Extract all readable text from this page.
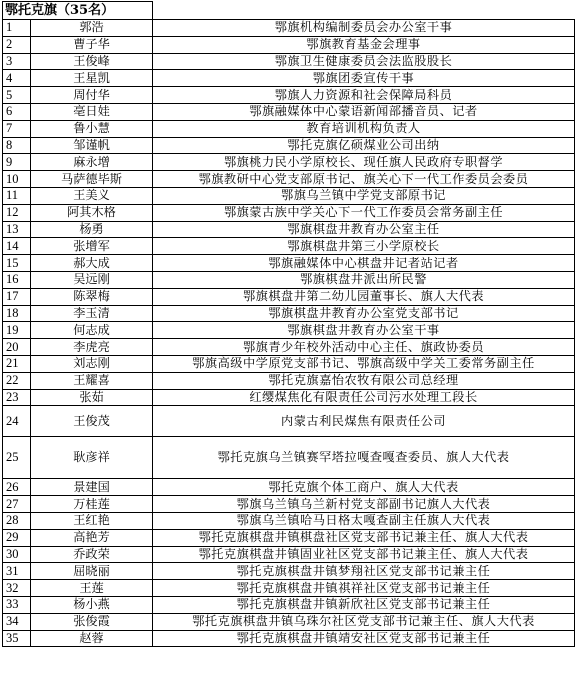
鄂托克旗（35名）		
1	郭浩	鄂旗机构编制委员会办公室干事
2	曹子华	鄂旗教育基金会理事
3	王俊峰	鄂旗卫生健康委员会法监股股长
4	王星凯	鄂旗团委宣传干事
5	周付华	鄂旗人力资源和社会保障局科员
6	亳日娃	鄂旗融媒体中心蒙语新闻部播音员、记者
7	鲁小慧	教育培训机构负责人
8	邹谨帆	鄂托克旗亿硕煤业公司出纳
9	麻永增	鄂旗桃力民小学原校长、现任旗人民政府专职督学
10	马萨德毕斯	鄂旗教研中心党支部原书记、旗关心下一代工作委员会委员
11	王美义	鄂旗乌兰镇中学党支部原书记
12	阿其木格	鄂旗蒙古族中学关心下一代工作委员会常务副主任
13	杨勇	鄂旗棋盘井教育办公室主任
14	张增军	鄂旗棋盘井第三小学原校长
15	郝大成	鄂旗融媒体中心棋盘井记者站记者
16	吴远刚	鄂旗棋盘井派出所民警
17	陈翠梅	鄂旗棋盘井第二幼儿园董事长、旗人大代表
18	李玉清	鄂旗棋盘井教育办公室党支部书记
19	何志成	鄂旗棋盘井教育办公室干事
20	李虎亮	鄂旗青少年校外活动中心主任、旗政协委员
21	刘志刚	鄂旗高级中学原党支部书记、鄂旗高级中学关工委常务副主任
22	王耀喜	鄂托克旗嘉怡农牧有限公司总经理
23	张茹	红缨煤焦化有限责任公司污水处理工段长
24	王俊茂	内蒙古利民煤焦有限责任公司
25	耿彦祥	鄂托克旗乌兰镇赛罕塔拉嘎查嘎查委员、旗人大代表
26	景建国	鄂托克旗个体工商户、旗人大代表
27	万桂莲	鄂旗乌兰镇乌兰新村党支部副书记旗人大代表
28	王红艳	鄂旗乌兰镇哈马日格太嘎查副主任旗人大代表
29	高艳芳	鄂托克旗棋盘井镇棋盘社区党支部书记兼主任、旗人大代表
30	乔政荣	鄂托克旗棋盘井镇固业社区党支部书记兼主任、旗人大代表
31	屈晓丽	鄂托克旗棋盘井镇梦翔社区党支部书记兼主任
32	王莲	鄂托克旗棋盘井镇祺祥社区党支部书记兼主任
33	杨小燕	鄂托克旗棋盘井镇新欣社区党支部书记兼主任
34	张俊霞	鄂托克旗棋盘井镇乌珠尔社区党支部书记兼主任、旗人大代表
35	赵蓉	鄂托克旗棋盘井镇靖安社区党支部书记兼主任
